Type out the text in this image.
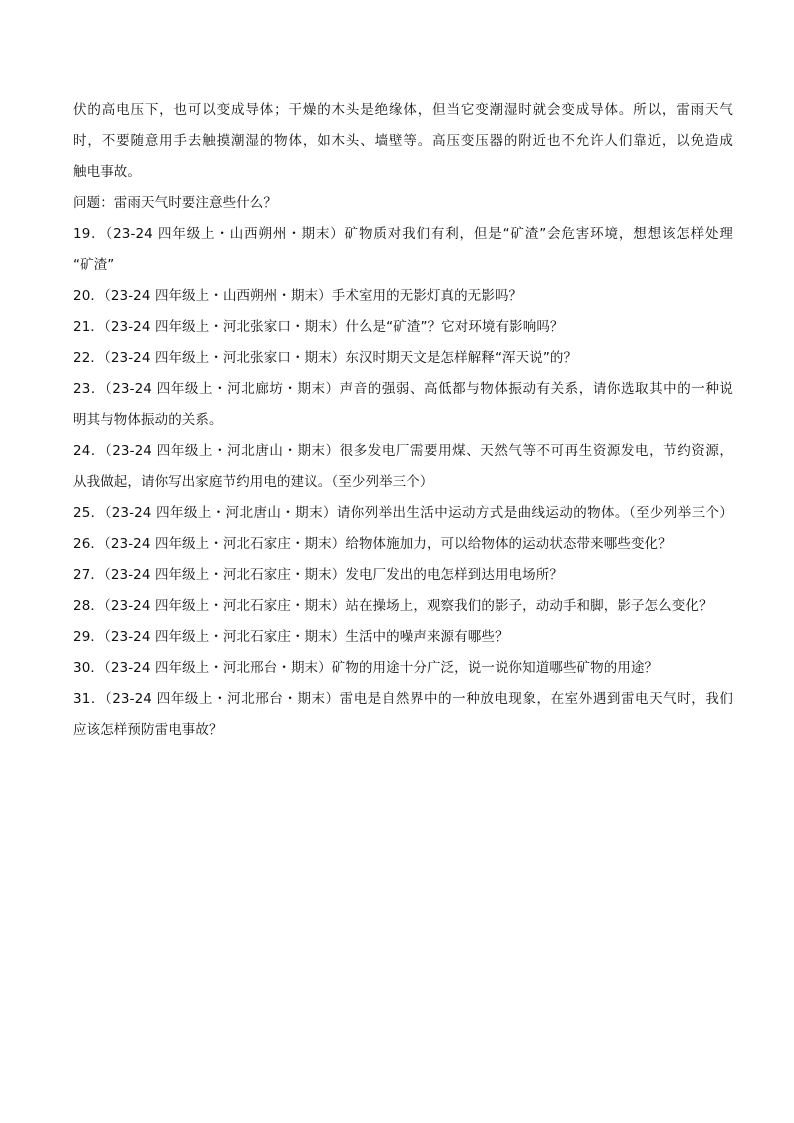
伏的高电压下，也可以变成导体；干燥的木头是绝缘体，但当它变潮湿时就会变成导体。所以，雷雨天气
时，不要随意用手去触摸潮湿的物体，如木头、墙壁等。高压变压器的附近也不允许人们靠近，以免造成
触电事故。
问题：雷雨天气时要注意些什么？
19．（23-24 四年级上・山西朔州・期末）矿物质对我们有利，但是“矿渣”会危害环境，想想该怎样处理
“矿渣”
20．（23-24 四年级上・山西朔州・期末）手术室用的无影灯真的无影吗？
21．（23-24 四年级上・河北张家口・期末）什么是“矿渣”？它对环境有影响吗？
22．（23-24 四年级上・河北张家口・期末）东汉时期天文是怎样解释“浑天说”的？
23．（23-24 四年级上・河北廊坊・期末）声音的强弱、高低都与物体振动有关系，请你选取其中的一种说
明其与物体振动的关系。
24．（23-24 四年级上・河北唐山・期末）很多发电厂需要用煤、天然气等不可再生资源发电，节约资源，
从我做起，请你写出家庭节约用电的建议。（至少列举三个）
25．（23-24 四年级上・河北唐山・期末）请你列举出生活中运动方式是曲线运动的物体。（至少列举三个）
26．（23-24 四年级上・河北石家庄・期末）给物体施加力，可以给物体的运动状态带来哪些变化？
27．（23-24 四年级上・河北石家庄・期末）发电厂发出的电怎样到达用电场所？
28．（23-24 四年级上・河北石家庄・期末）站在操场上，观察我们的影子，动动手和脚，影子怎么变化？
29．（23-24 四年级上・河北石家庄・期末）生活中的噪声来源有哪些？
30．（23-24 四年级上・河北邢台・期末）矿物的用途十分广泛，说一说你知道哪些矿物的用途？
31．（23-24 四年级上・河北邢台・期末）雷电是自然界中的一种放电现象，在室外遇到雷电天气时，我们
应该怎样预防雷电事故？
